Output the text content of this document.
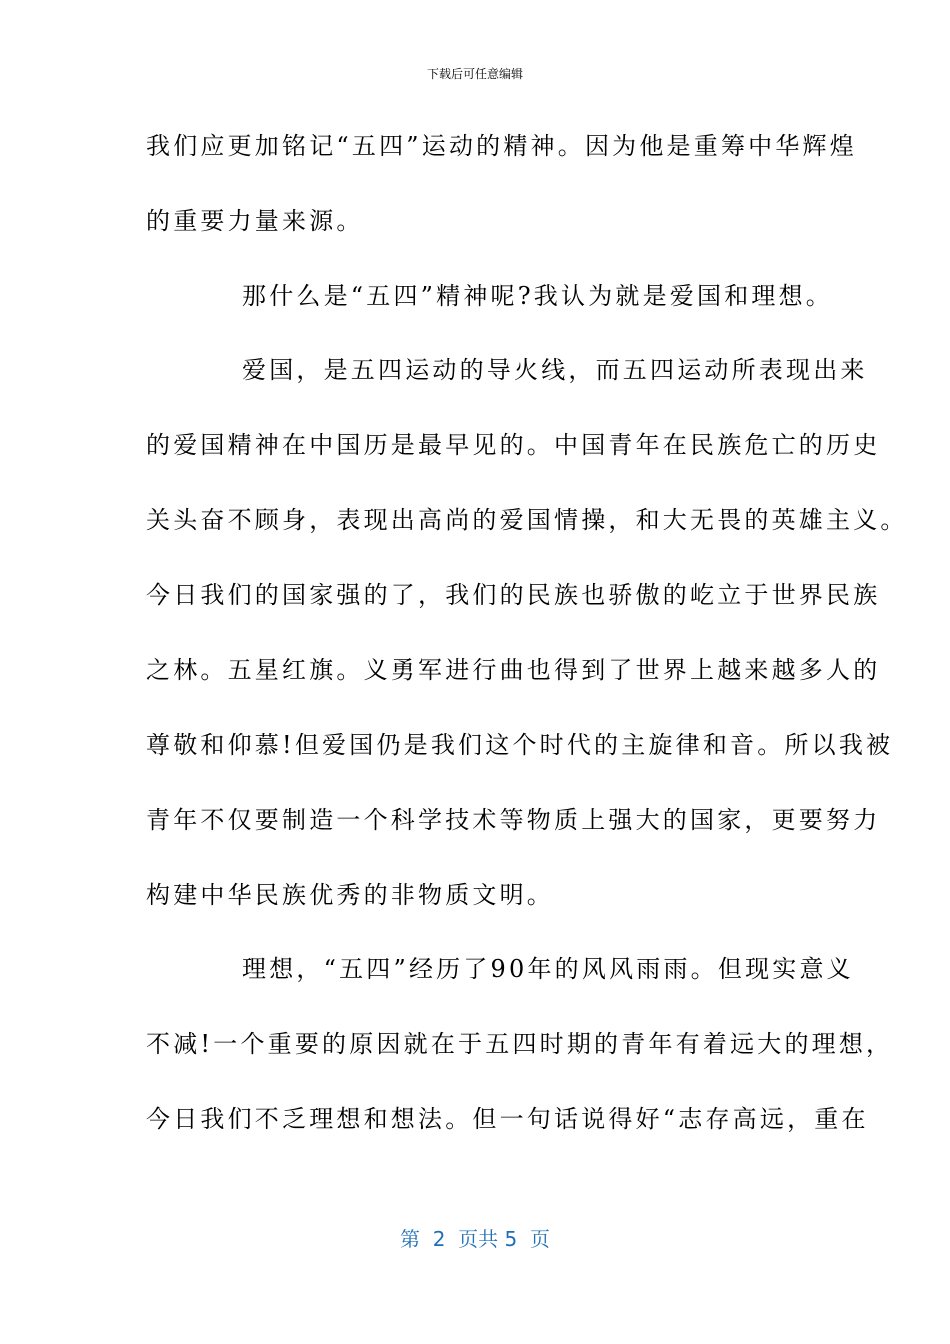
下载后可任意编辑
我们应更加铭记“五四”运动的精神。因为他是重筹中华辉煌
的重要力量来源。
那什么是“五四”精神呢?我认为就是爱国和理想。
爱国，是五四运动的导火线，而五四运动所表现出来
的爱国精神在中国历是最早见的。中国青年在民族危亡的历史
关头奋不顾身，表现出高尚的爱国情操，和大无畏的英雄主义。
今日我们的国家强的了，我们的民族也骄傲的屹立于世界民族
之林。五星红旗。义勇军进行曲也得到了世界上越来越多人的
尊敬和仰慕!但爱国仍是我们这个时代的主旋律和音。所以我被
青年不仅要制造一个科学技术等物质上强大的国家，更要努力
构建中华民族优秀的非物质文明。
理想，“五四”经历了90年的风风雨雨。但现实意义
不减!一个重要的原因就在于五四时期的青年有着远大的理想，
今日我们不乏理想和想法。但一句话说得好“志存高远，重在
第  2  页共 5  页
